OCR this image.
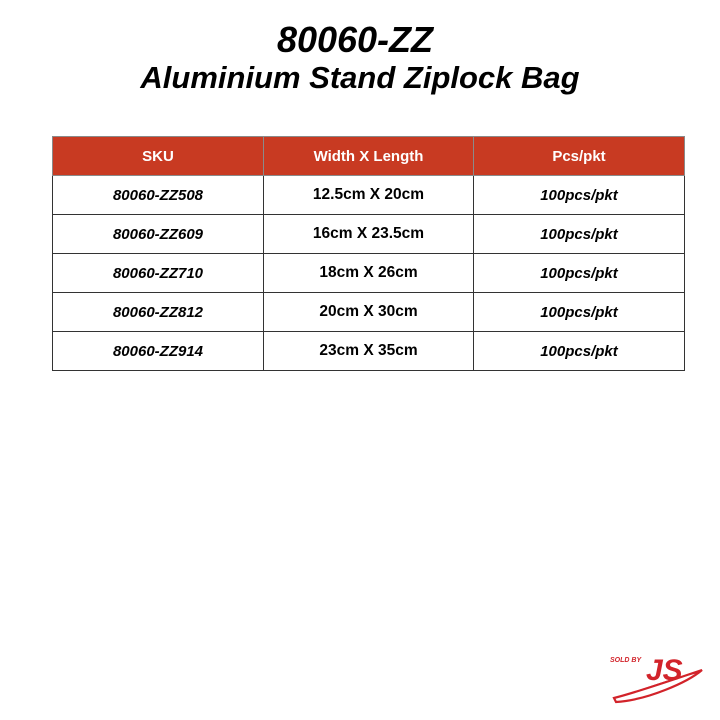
80060-ZZ
Aluminium Stand Ziplock Bag
SKU	Width X Length	Pcs/pkt
80060-ZZ508	12.5cm X 20cm	100pcs/pkt
80060-ZZ609	16cm X 23.5cm	100pcs/pkt
80060-ZZ710	18cm X 26cm	100pcs/pkt
80060-ZZ812	20cm X 30cm	100pcs/pkt
80060-ZZ914	23cm X 35cm	100pcs/pkt
SOLD BY JS
